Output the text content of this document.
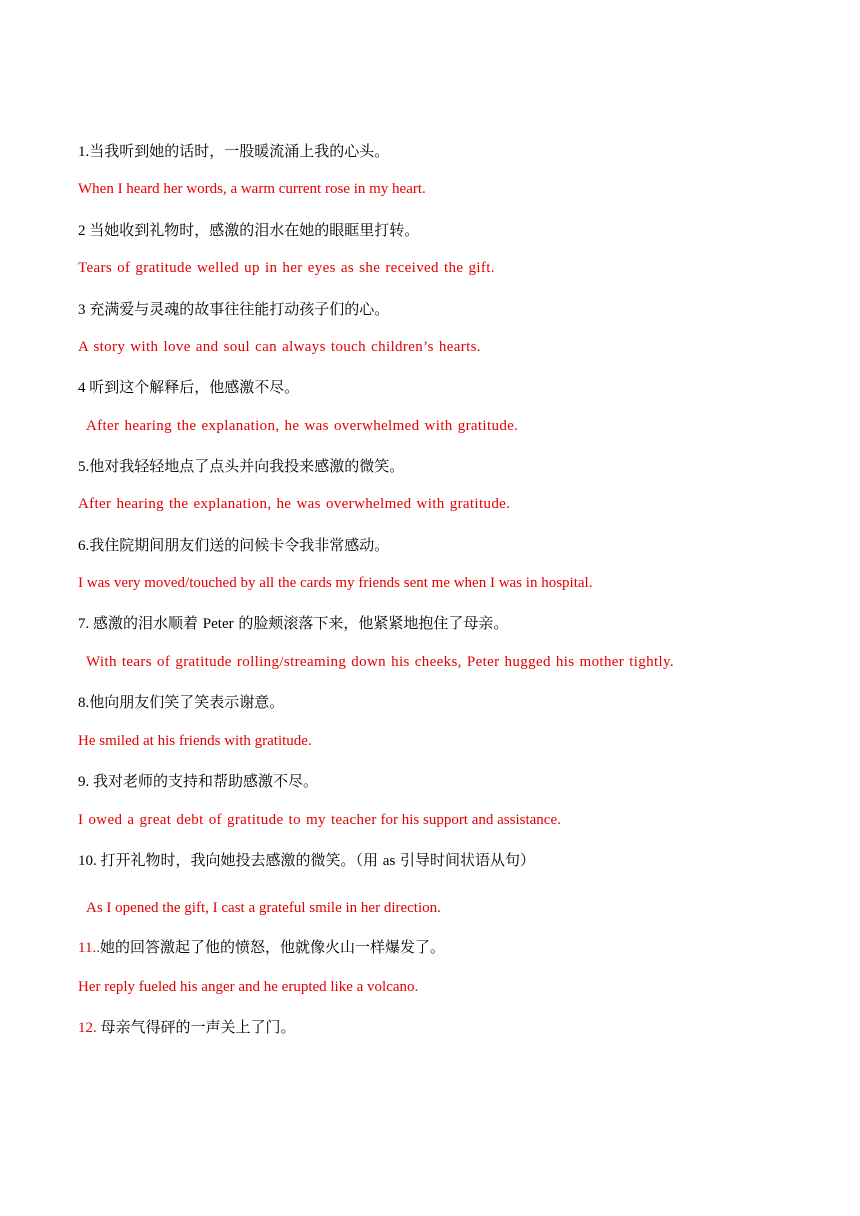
1.当我听到她的话时，一股暖流涌上我的心头。
When I heard her words, a warm current rose in my heart.
2 当她收到礼物时，感激的泪水在她的眼眶里打转。
Tears of gratitude welled up in her eyes as she received the gift.
3 充满爱与灵魂的故事往往能打动孩子们的心。
A story with love and soul can always touch children’s hearts.
4 听到这个解释后，他感激不尽。
After hearing the explanation, he was overwhelmed with gratitude.
5.他对我轻轻地点了点头并向我投来感激的微笑。
After hearing the explanation, he was overwhelmed with gratitude.
6.我住院期间朋友们送的问候卡令我非常感动。
I was very moved/touched by all the cards my friends sent me when I was in hospital.
7. 感激的泪水顺着 Peter 的脸颊滚落下来，他紧紧地抱住了母亲。
With tears of gratitude rolling/streaming down his cheeks, Peter hugged his mother tightly.
8.他向朋友们笑了笑表示谢意。
He smiled at his friends with gratitude.
9. 我对老师的支持和帮助感激不尽。
I owed a great debt of gratitude to my teacher for his support and assistance.
10. 打开礼物时，我向她投去感激的微笑。（用 as 引导时间状语从句）
As I opened the gift, I cast a grateful smile in her direction.
11..她的回答激起了他的愤怒，他就像火山一样爆发了。
Her reply fueled his anger and he erupted like a volcano.
12. 母亲气得砰的一声关上了门。
